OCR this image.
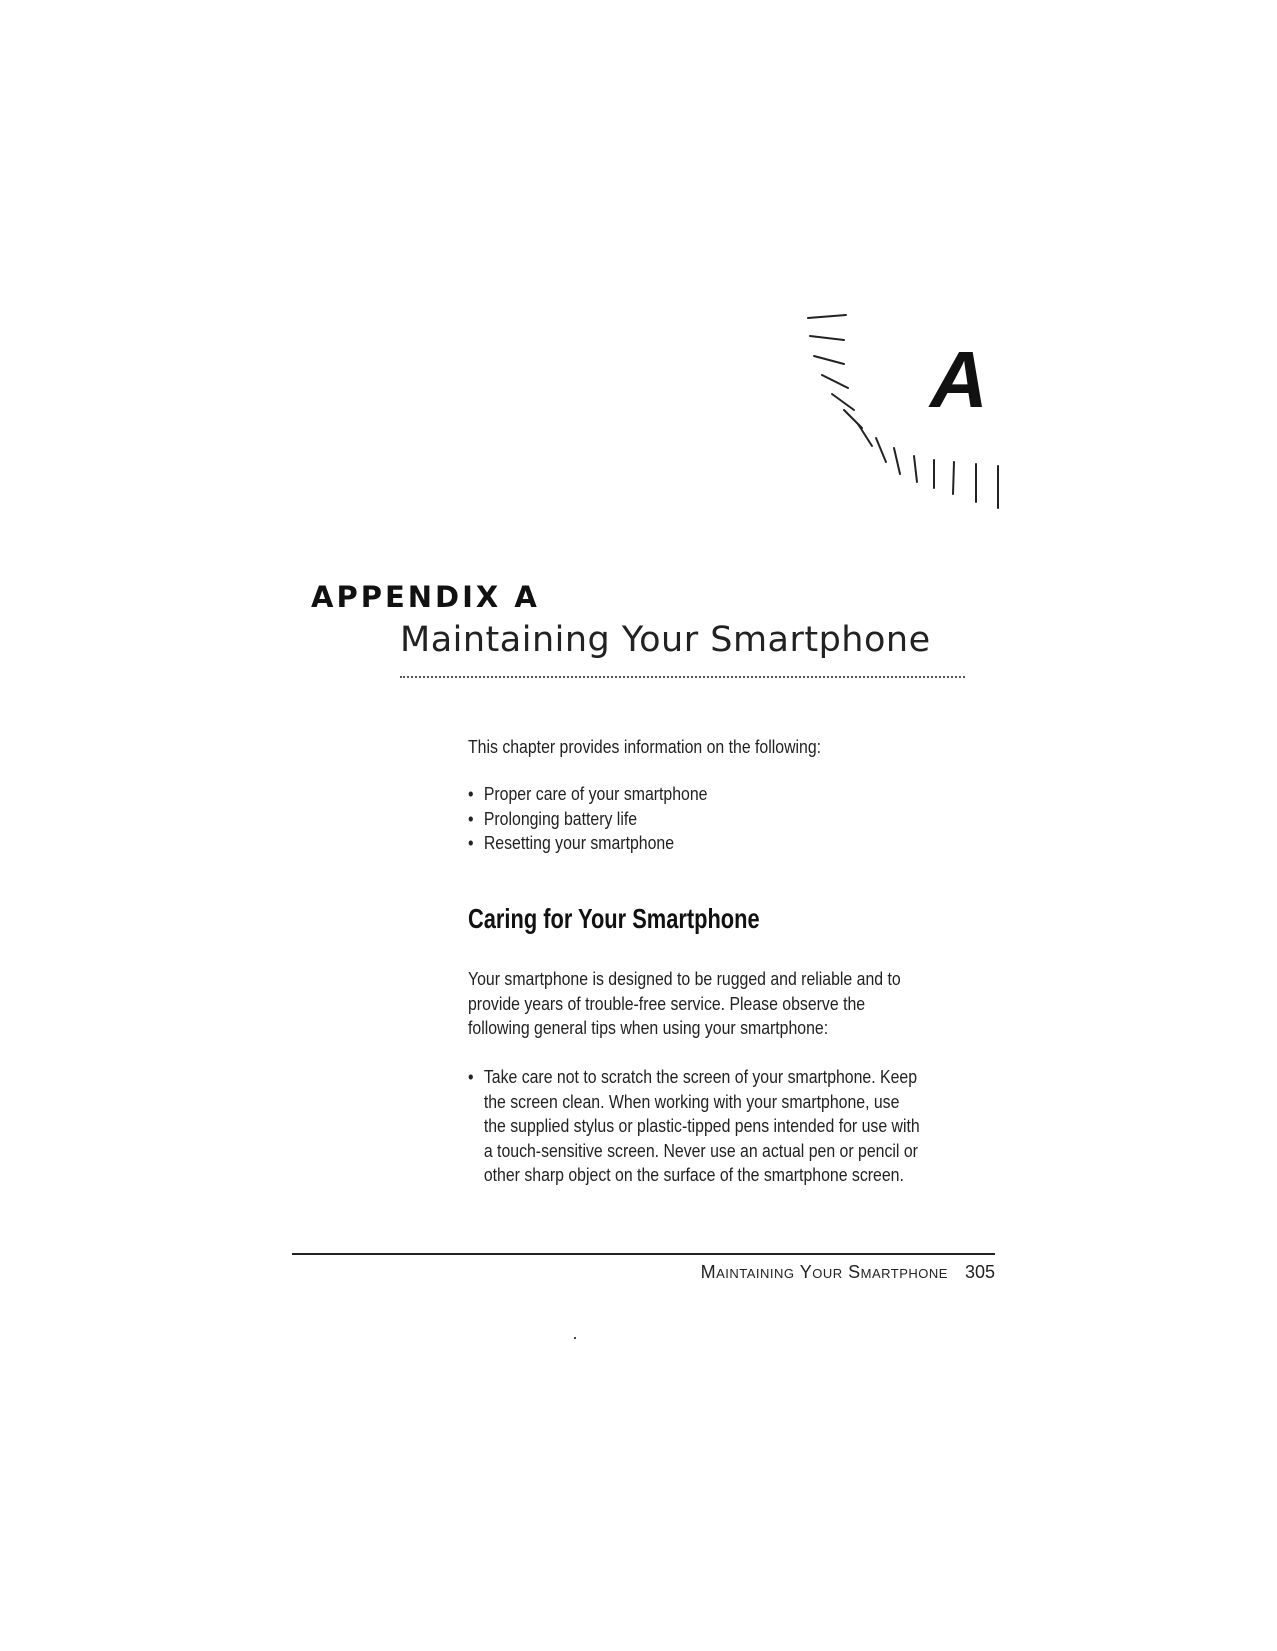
A
APPENDIX A
Maintaining Your Smartphone
This chapter provides information on the following:
• Proper care of your smartphone
• Prolonging battery life
• Resetting your smartphone
Caring for Your Smartphone
Your smartphone is designed to be rugged and reliable and to
provide years of trouble-free service. Please observe the
following general tips when using your smartphone:
• Take care not to scratch the screen of your smartphone. Keep
the screen clean. When working with your smartphone, use
the supplied stylus or plastic-tipped pens intended for use with
a touch-sensitive screen. Never use an actual pen or pencil or
other sharp object on the surface of the smartphone screen.
Maintaining Your Smartphone 305
